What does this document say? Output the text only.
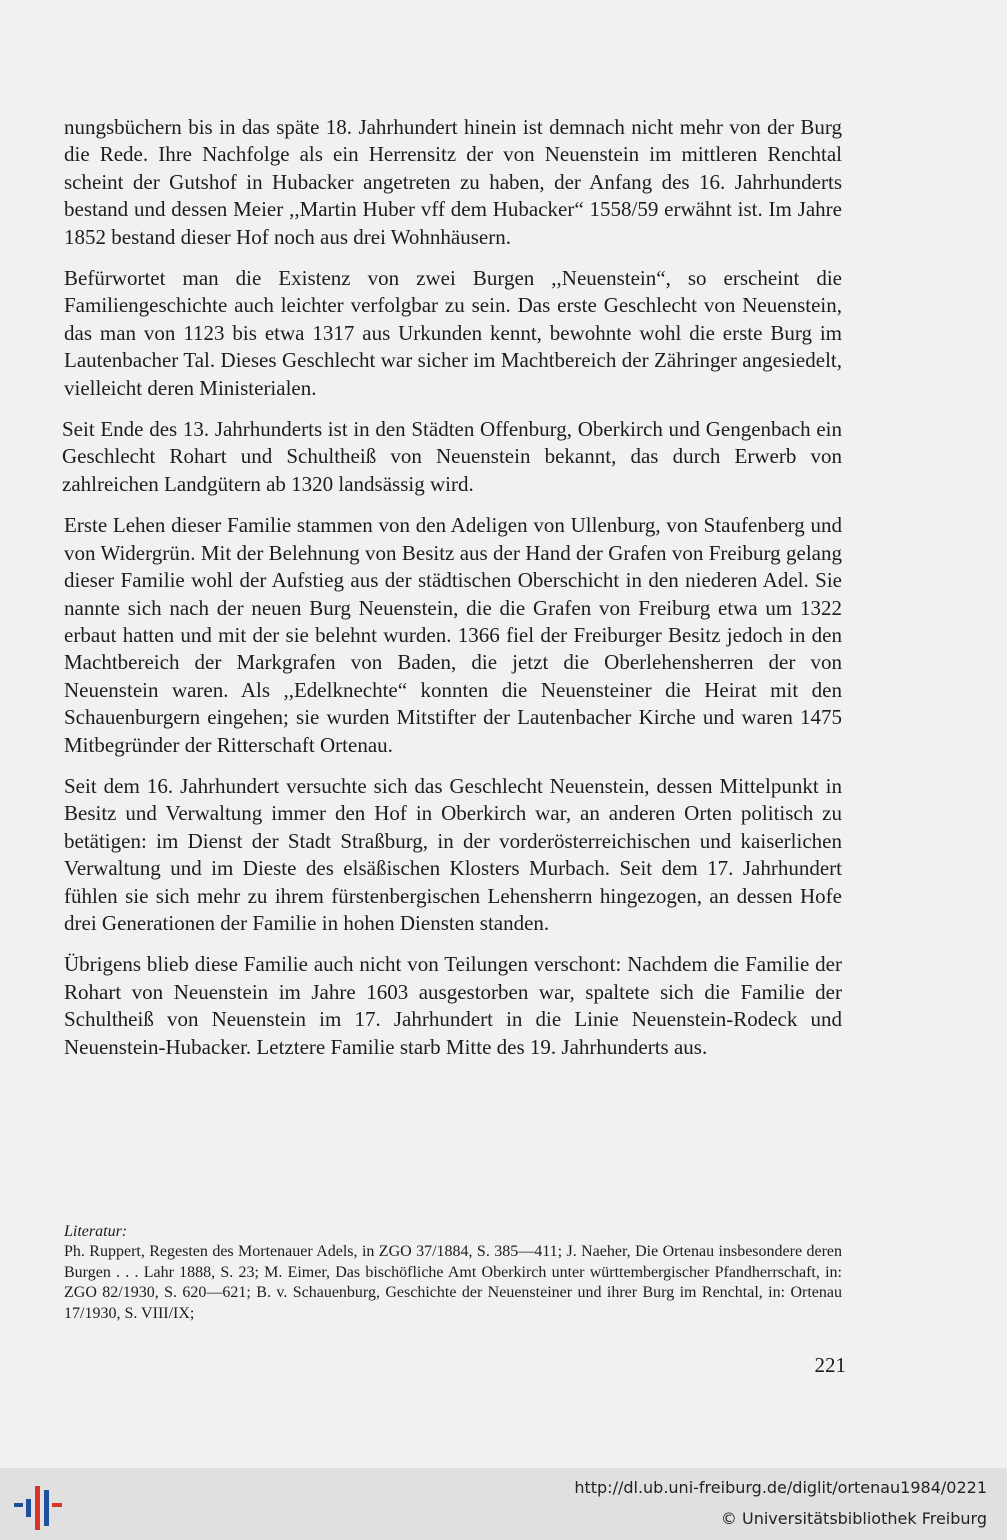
nungsbüchern bis in das späte 18. Jahrhundert hinein ist demnach nicht mehr von der Burg die Rede. Ihre Nachfolge als ein Herrensitz der von Neuenstein im mittleren Renchtal scheint der Gutshof in Hubacker angetreten zu haben, der Anfang des 16. Jahrhunderts bestand und dessen Meier ,,Martin Huber vff dem Hubacker“ 1558/59 erwähnt ist. Im Jahre 1852 bestand dieser Hof noch aus drei Wohnhäusern.

Befürwortet man die Existenz von zwei Burgen ,,Neuenstein“, so erscheint die Familiengeschichte auch leichter verfolgbar zu sein. Das erste Geschlecht von Neuenstein, das man von 1123 bis etwa 1317 aus Urkunden kennt, bewohnte wohl die erste Burg im Lautenbacher Tal. Dieses Geschlecht war sicher im Machtbereich der Zähringer angesiedelt, vielleicht deren Ministerialen.

Seit Ende des 13. Jahrhunderts ist in den Städten Offenburg, Oberkirch und Gengenbach ein Geschlecht Rohart und Schultheiß von Neuenstein bekannt, das durch Erwerb von zahlreichen Landgütern ab 1320 landsässig wird.

Erste Lehen dieser Familie stammen von den Adeligen von Ullenburg, von Staufenberg und von Widergrün. Mit der Belehnung von Besitz aus der Hand der Grafen von Freiburg gelang dieser Familie wohl der Aufstieg aus der städtischen Oberschicht in den niederen Adel. Sie nannte sich nach der neuen Burg Neuenstein, die die Grafen von Freiburg etwa um 1322 erbaut hatten und mit der sie belehnt wurden. 1366 fiel der Freiburger Besitz jedoch in den Machtbereich der Markgrafen von Baden, die jetzt die Oberlehensherren der von Neuenstein waren. Als ,,Edelknechte“ konnten die Neuensteiner die Heirat mit den Schauenburgern eingehen; sie wurden Mitstifter der Lautenbacher Kirche und waren 1475 Mitbegründer der Ritterschaft Ortenau.

Seit dem 16. Jahrhundert versuchte sich das Geschlecht Neuenstein, dessen Mittelpunkt in Besitz und Verwaltung immer den Hof in Oberkirch war, an anderen Orten politisch zu betätigen: im Dienst der Stadt Straßburg, in der vorderösterreichischen und kaiserlichen Verwaltung und im Dieste des elsäßischen Klosters Murbach. Seit dem 17. Jahrhundert fühlen sie sich mehr zu ihrem fürstenbergischen Lehensherrn hingezogen, an dessen Hofe drei Generationen der Familie in hohen Diensten standen.

Übrigens blieb diese Familie auch nicht von Teilungen verschont: Nachdem die Familie der Rohart von Neuenstein im Jahre 1603 ausgestorben war, spaltete sich die Familie der Schultheiß von Neuenstein im 17. Jahrhundert in die Linie Neuenstein-Rodeck und Neuenstein-Hubacker. Letztere Familie starb Mitte des 19. Jahrhunderts aus.

Literatur:

Ph. Ruppert, Regesten des Mortenauer Adels, in ZGO 37/1884, S. 385—411; J. Naeher, Die Ortenau insbesondere deren Burgen . . . Lahr 1888, S. 23; M. Eimer, Das bischöfliche Amt Oberkirch unter württembergischer Pfandherrschaft, in: ZGO 82/1930, S. 620—621; B. v. Schauenburg, Geschichte der Neuensteiner und ihrer Burg im Renchtal, in: Ortenau 17/1930, S. VIII/IX;

221
http://dl.ub.uni-freiburg.de/diglit/ortenau1984/0221
© Universitätsbibliothek Freiburg
